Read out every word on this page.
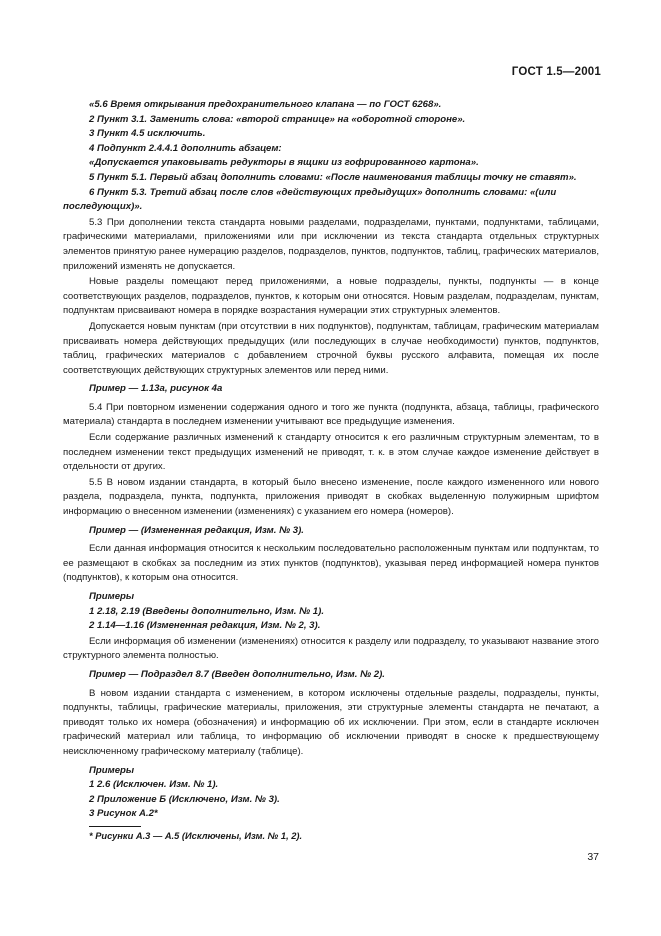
ГОСТ 1.5—2001

«5.6 Время открывания предохранительного клапана — по ГОСТ 6268».

2 Пункт 3.1. Заменить слова: «второй странице» на «оборотной стороне».

3 Пункт 4.5 исключить.

4 Подпункт 2.4.4.1 дополнить абзацем:

«Допускается упаковывать редукторы в ящики из гофрированного картона».

5 Пункт 5.1. Первый абзац дополнить словами: «После наименования таблицы точку не ставят».

6 Пункт 5.3. Третий абзац после слов «действующих предыдущих» дополнить словами: «(или последующих)».

5.3 При дополнении текста стандарта новыми разделами, подразделами, пунктами, подпунктами, таблицами, графическими материалами, приложениями или при исключении из текста стандарта отдельных структурных элементов принятую ранее нумерацию разделов, подразделов, пунктов, подпунктов, таблиц, графических материалов, приложений изменять не допускается.

Новые разделы помещают перед приложениями, а новые подразделы, пункты, подпункты — в конце соответствующих разделов, подразделов, пунктов, к которым они относятся. Новым разделам, подразделам, пунктам, подпунктам присваивают номера в порядке возрастания нумерации этих структурных элементов.

Допускается новым пунктам (при отсутствии в них подпунктов), подпунктам, таблицам, графическим материалам присваивать номера действующих предыдущих (или последующих в случае необходимости) пунктов, подпунктов, таблиц, графических материалов с добавлением строчной буквы русского алфавита, помещая их после соответствующих действующих структурных элементов или перед ними.

Пример — 1.13а, рисунок 4а

5.4 При повторном изменении содержания одного и того же пункта (подпункта, абзаца, таблицы, графического материала) стандарта в последнем изменении учитывают все предыдущие изменения.

Если содержание различных изменений к стандарту относится к его различным структурным элементам, то в последнем изменении текст предыдущих изменений не приводят, т. к. в этом случае каждое изменение действует в отдельности от других.

5.5 В новом издании стандарта, в который было внесено изменение, после каждого измененного или нового раздела, подраздела, пункта, подпункта, приложения приводят в скобках выделенную полужирным шрифтом информацию о внесенном изменении (изменениях) с указанием его номера (номеров).

Пример — (Измененная редакция, Изм. № 3).

Если данная информация относится к нескольким последовательно расположенным пунктам или подпунктам, то ее размещают в скобках за последним из этих пунктов (подпунктов), указывая перед информацией номера пунктов (подпунктов), к которым она относится.

Примеры

1 2.18, 2.19 (Введены дополнительно, Изм. № 1).

2 1.14—1.16 (Измененная редакция, Изм. № 2, 3).

Если информация об изменении (изменениях) относится к разделу или подразделу, то указывают название этого структурного элемента полностью.

Пример — Подраздел 8.7 (Введен дополнительно, Изм. № 2).

В новом издании стандарта с изменением, в котором исключены отдельные разделы, подразделы, пункты, подпункты, таблицы, графические материалы, приложения, эти структурные элементы стандарта не печатают, а приводят только их номера (обозначения) и информацию об их исключении. При этом, если в стандарте исключен графический материал или таблица, то информацию об исключении приводят в сноске к предшествующему неисключенному графическому материалу (таблице).

Примеры

1 2.6 (Исключен. Изм. № 1).

2 Приложение Б (Исключено, Изм. № 3).

3 Рисунок А.2*

* Рисунки А.3 — А.5 (Исключены, Изм. № 1, 2).
37
